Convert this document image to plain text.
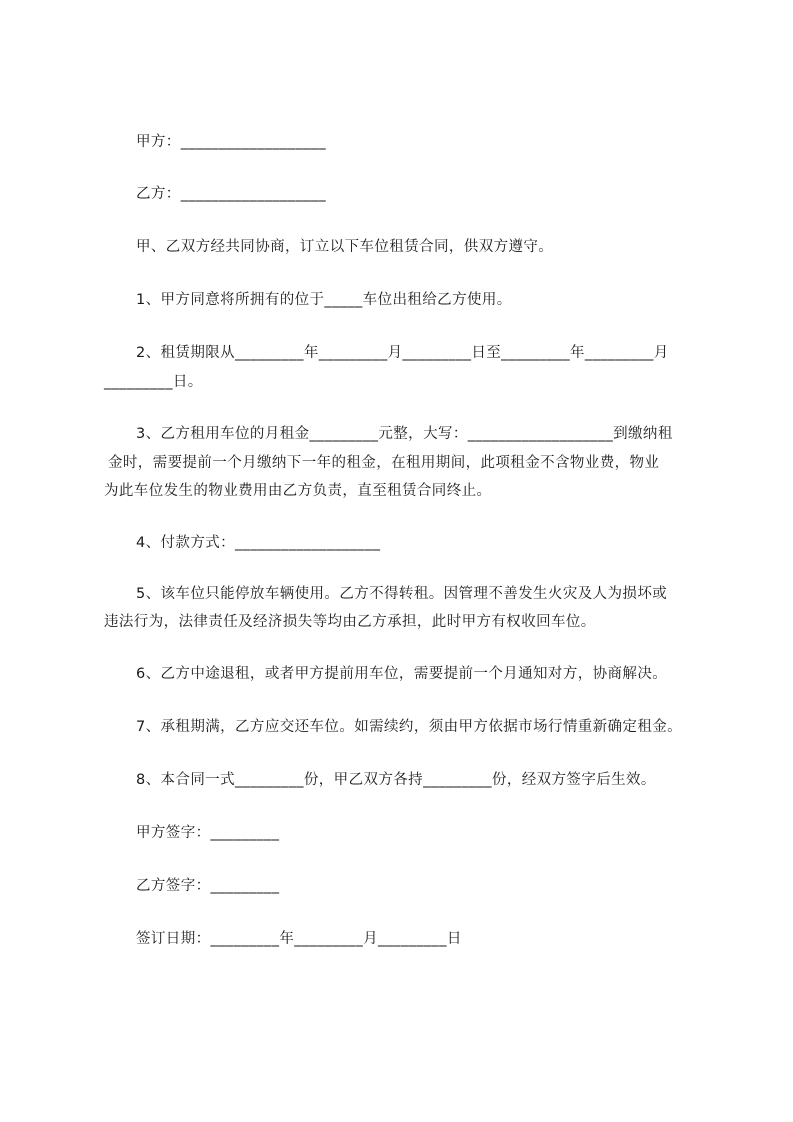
甲方：___________________
乙方：___________________
甲、乙双方经共同协商，订立以下车位租赁合同，供双方遵守。
1、甲方同意将所拥有的位于_____车位出租给乙方使用。
2、租赁期限从_________年_________月_________日至_________年_________月
_________日。
3、乙方租用车位的月租金_________元整，大写：___________________到缴纳租
金时，需要提前一个月缴纳下一年的租金，在租用期间，此项租金不含物业费，物业
为此车位发生的物业费用由乙方负责，直至租赁合同终止。
4、付款方式：___________________
5、该车位只能停放车辆使用。乙方不得转租。因管理不善发生火灾及人为损坏或
违法行为，法律责任及经济损失等均由乙方承担，此时甲方有权收回车位。
6、乙方中途退租，或者甲方提前用车位，需要提前一个月通知对方，协商解决。
7、承租期满，乙方应交还车位。如需续约，须由甲方依据市场行情重新确定租金。
8、本合同一式_________份，甲乙双方各持_________份，经双方签字后生效。
甲方签字：_________
乙方签字：_________
签订日期：_________年_________月_________日
